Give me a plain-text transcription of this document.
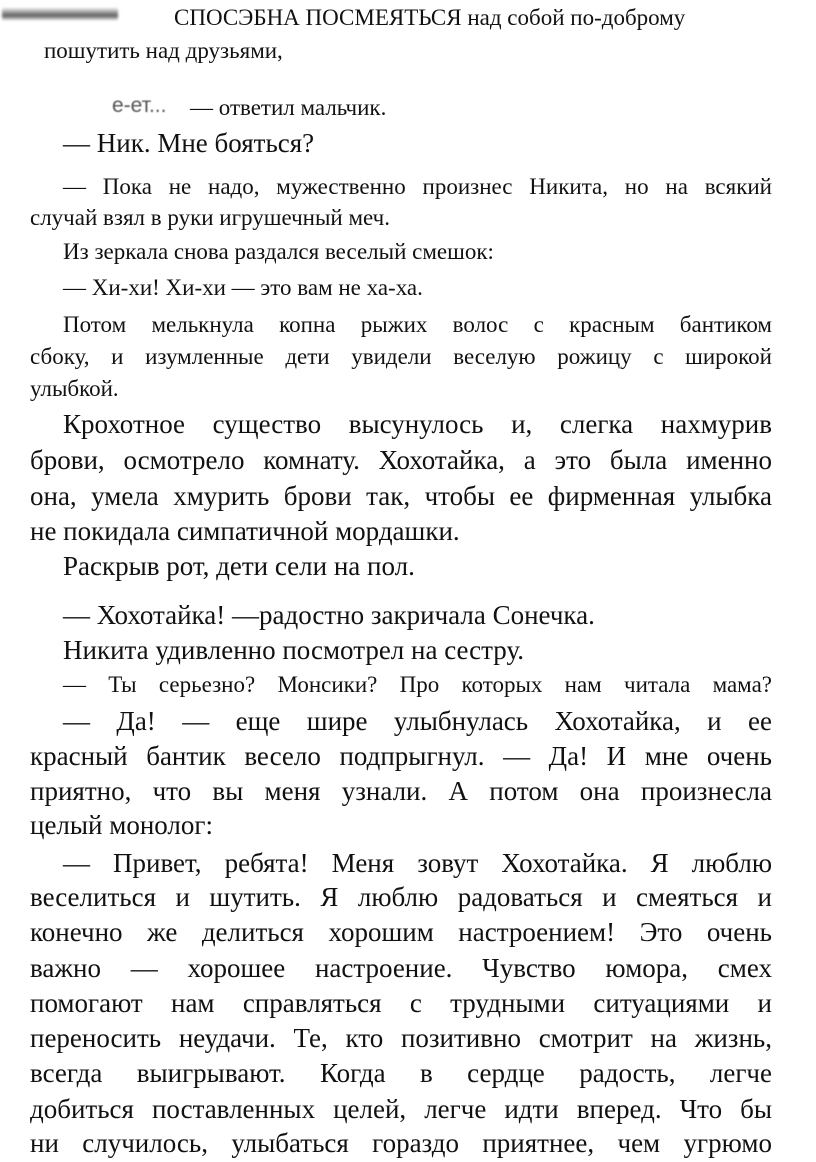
СПОСЭБНА ПОСМЕЯТЬСЯ над собой по-доброму
пошутить над друзьями,
е-ет... — ответил мальчик.
— Ник. Мне бояться?
— Пока не надо, мужественно произнес Никита, но на всякий
случай взял в руки игрушечный меч.
Из зеркала снова раздался веселый смешок:
— Хи-хи! Хи-хи — это вам не ха-ха.
Потом мелькнула копна рыжих волос с красным бантиком
сбоку, и изумленные дети увидели веселую рожицу с широкой
улыбкой.
Крохотное существо высунулось и, слегка нахмурив
брови, осмотрело комнату. Хохотайка, а это была именно
она, умела хмурить брови так, чтобы ее фирменная улыбка
не покидала симпатичной мордашки.
Раскрыв рот, дети сели на пол.
— Хохотайка! —радостно закричала Сонечка.
Никита удивленно посмотрел на сестру.
— Ты серьезно? Монсики? Про которых нам читала мама?
— Да! — еще шире улыбнулась Хохотайка, и ее
красный бантик весело подпрыгнул. — Да! И мне очень
приятно, что вы меня узнали. А потом она произнесла
целый монолог:
— Привет, ребята! Меня зовут Хохотайка. Я люблю
веселиться и шутить. Я люблю радоваться и смеяться и
конечно же делиться хорошим настроением! Это очень
важно — хорошее настроение. Чувство юмора, смех
помогают нам справляться с трудными ситуациями и
переносить неудачи. Те, кто позитивно смотрит на жизнь,
всегда выигрывают. Когда в сердце радость, легче
добиться поставленных целей, легче идти вперед. Что бы
ни случилось, улыбаться гораздо приятнее, чем угрюмо
